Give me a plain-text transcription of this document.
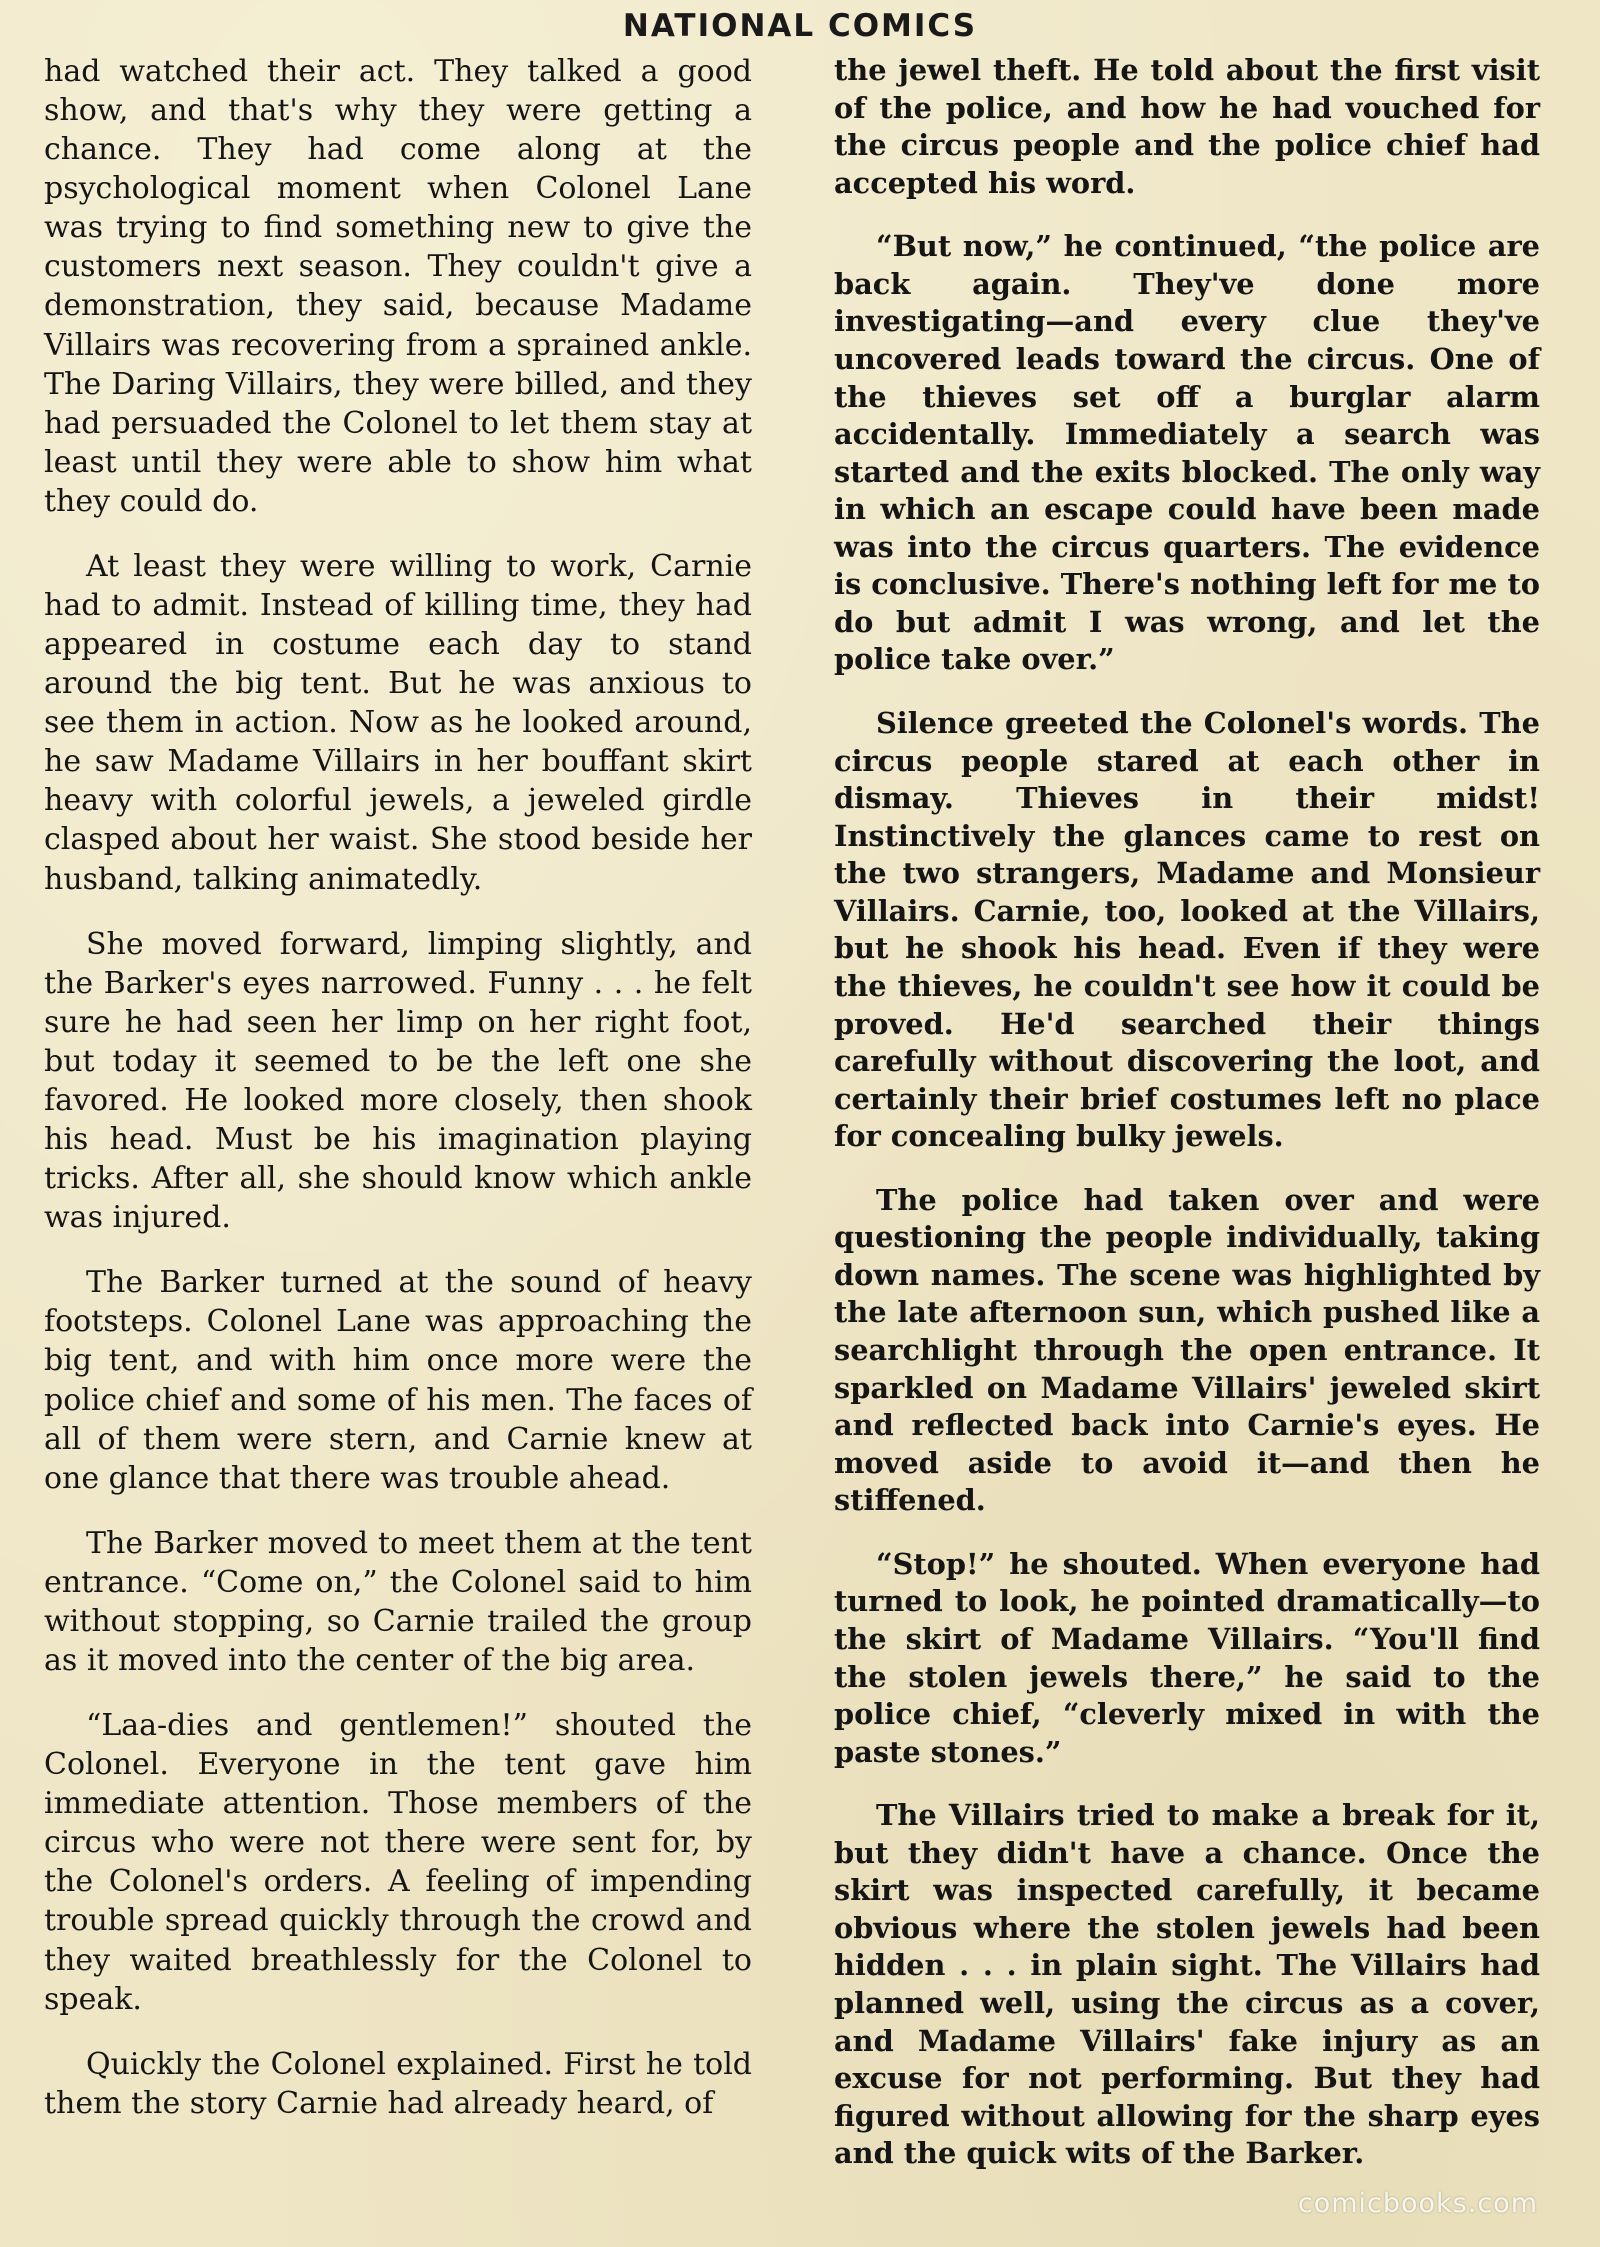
NATIONAL COMICS

had watched their act. They talked a good show, and that's why they were getting a chance. They had come along at the psychological moment when Colonel Lane was trying to find something new to give the customers next season. They couldn't give a demonstration, they said, because Madame Villairs was recovering from a sprained ankle. The Daring Villairs, they were billed, and they had persuaded the Colonel to let them stay at least until they were able to show him what they could do.

At least they were willing to work, Carnie had to admit. Instead of killing time, they had appeared in costume each day to stand around the big tent. But he was anxious to see them in action. Now as he looked around, he saw Madame Villairs in her bouffant skirt heavy with colorful jewels, a jeweled girdle clasped about her waist. She stood beside her husband, talking animatedly.

She moved forward, limping slightly, and the Barker's eyes narrowed. Funny . . . he felt sure he had seen her limp on her right foot, but today it seemed to be the left one she favored. He looked more closely, then shook his head. Must be his imagination playing tricks. After all, she should know which ankle was injured.

The Barker turned at the sound of heavy footsteps. Colonel Lane was approaching the big tent, and with him once more were the police chief and some of his men. The faces of all of them were stern, and Carnie knew at one glance that there was trouble ahead.

The Barker moved to meet them at the tent entrance. “Come on,” the Colonel said to him without stopping, so Carnie trailed the group as it moved into the center of the big area.

“Laa-dies and gentlemen!” shouted the Colonel. Everyone in the tent gave him immediate attention. Those members of the circus who were not there were sent for, by the Colonel's orders. A feeling of impending trouble spread quickly through the crowd and they waited breathlessly for the Colonel to speak.

Quickly the Colonel explained. First he told them the story Carnie had already heard, of

the jewel theft. He told about the first visit of the police, and how he had vouched for the circus people and the police chief had accepted his word.

“But now,” he continued, “the police are back again. They've done more investigating—and every clue they've uncovered leads toward the circus. One of the thieves set off a burglar alarm accidentally. Immediately a search was started and the exits blocked. The only way in which an escape could have been made was into the circus quarters. The evidence is conclusive. There's nothing left for me to do but admit I was wrong, and let the police take over.”

Silence greeted the Colonel's words. The circus people stared at each other in dismay. Thieves in their midst! Instinctively the glances came to rest on the two strangers, Madame and Monsieur Villairs. Carnie, too, looked at the Villairs, but he shook his head. Even if they were the thieves, he couldn't see how it could be proved. He'd searched their things carefully without discovering the loot, and certainly their brief costumes left no place for concealing bulky jewels.

The police had taken over and were questioning the people individually, taking down names. The scene was highlighted by the late afternoon sun, which pushed like a searchlight through the open entrance. It sparkled on Madame Villairs' jeweled skirt and reflected back into Carnie's eyes. He moved aside to avoid it—and then he stiffened.

“Stop!” he shouted. When everyone had turned to look, he pointed dramatically—to the skirt of Madame Villairs. “You'll find the stolen jewels there,” he said to the police chief, “cleverly mixed in with the paste stones.”

The Villairs tried to make a break for it, but they didn't have a chance. Once the skirt was inspected carefully, it became obvious where the stolen jewels had been hidden . . . in plain sight. The Villairs had planned well, using the circus as a cover, and Madame Villairs' fake injury as an excuse for not performing. But they had figured without allowing for the sharp eyes and the quick wits of the Barker.

comicbooks.com
